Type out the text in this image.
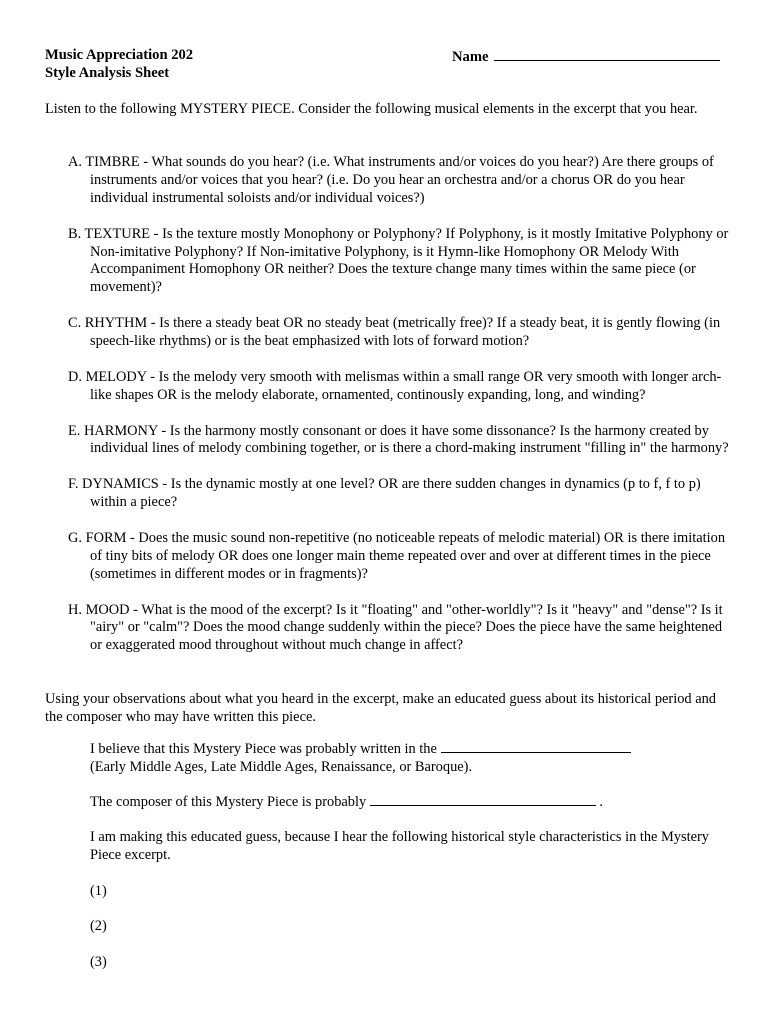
Music Appreciation 202
Style Analysis Sheet
Name
Listen to the following MYSTERY PIECE. Consider the following musical elements in the excerpt that you hear.
A. TIMBRE - What sounds do you hear? (i.e. What instruments and/or voices do you hear?) Are there groups of instruments and/or voices that you hear? (i.e. Do you hear an orchestra and/or a chorus OR do you hear individual instrumental soloists and/or individual voices?)
B. TEXTURE - Is the texture mostly Monophony or Polyphony? If Polyphony, is it mostly Imitative Polyphony or Non-imitative Polyphony? If Non-imitative Polyphony, is it Hymn-like Homophony OR Melody With Accompaniment Homophony OR neither? Does the texture change many times within the same piece (or movement)?
C. RHYTHM - Is there a steady beat OR no steady beat (metrically free)? If a steady beat, it is gently flowing (in speech-like rhythms) or is the beat emphasized with lots of forward motion?
D. MELODY - Is the melody very smooth with melismas within a small range OR very smooth with longer arch-like shapes OR is the melody elaborate, ornamented, continously expanding, long, and winding?
E. HARMONY - Is the harmony mostly consonant or does it have some dissonance? Is the harmony created by individual lines of melody combining together, or is there a chord-making instrument "filling in" the harmony?
F. DYNAMICS - Is the dynamic mostly at one level? OR are there sudden changes in dynamics (p to f, f to p) within a piece?
G. FORM - Does the music sound non-repetitive (no noticeable repeats of melodic material) OR is there imitation of tiny bits of melody OR does one longer main theme repeated over and over at different times in the piece (sometimes in different modes or in fragments)?
H. MOOD - What is the mood of the excerpt? Is it "floating" and "other-worldly"? Is it "heavy" and "dense"? Is it "airy" or "calm"? Does the mood change suddenly within the piece? Does the piece have the same heightened or exaggerated mood throughout without much change in affect?
Using your observations about what you heard in the excerpt, make an educated guess about its historical period and the composer who may have written this piece.
I believe that this Mystery Piece was probably written in the
(Early Middle Ages, Late Middle Ages, Renaissance, or Baroque).
The composer of this Mystery Piece is probably	.
I am making this educated guess, because I hear the following historical style characteristics in the Mystery Piece excerpt.
(1)
(2)
(3)
